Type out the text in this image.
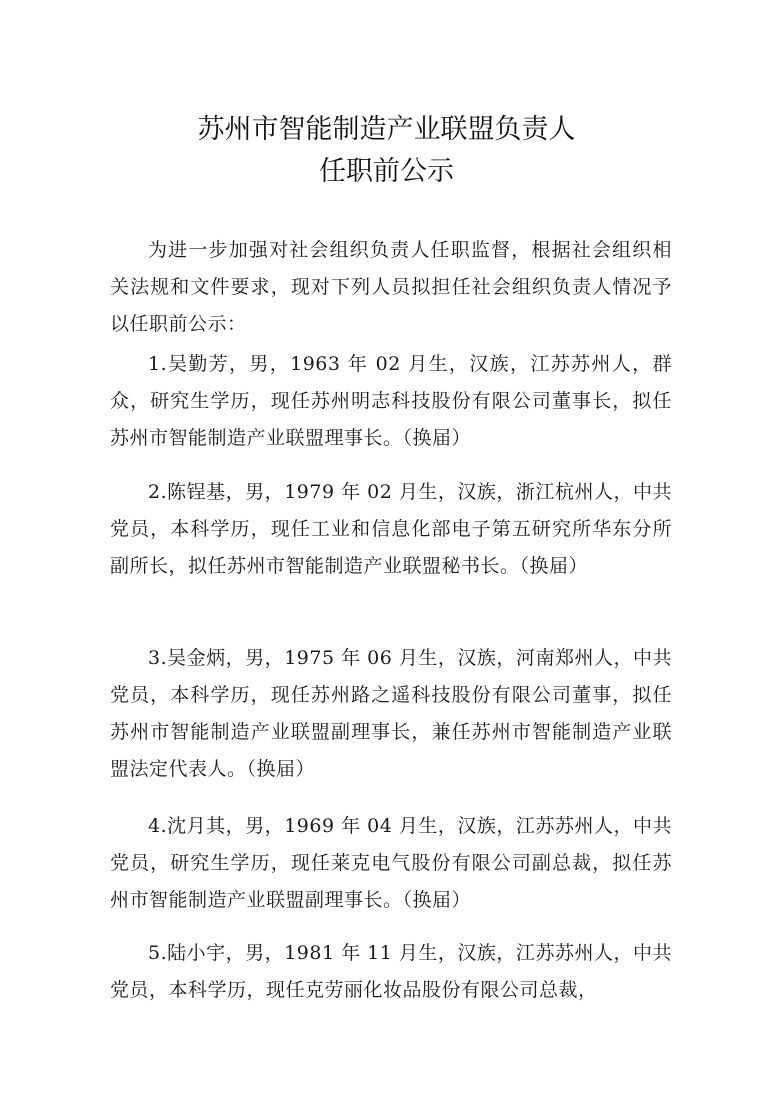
苏州市智能制造产业联盟负责人
任职前公示
为进一步加强对社会组织负责人任职监督，根据社会组织相关法规和文件要求，现对下列人员拟担任社会组织负责人情况予以任职前公示：
1.吴勤芳，男，1963 年 02 月生，汉族，江苏苏州人，群众，研究生学历，现任苏州明志科技股份有限公司董事长，拟任苏州市智能制造产业联盟理事长。（换届）
2.陈锃基，男，1979 年 02 月生，汉族，浙江杭州人，中共党员，本科学历，现任工业和信息化部电子第五研究所华东分所副所长，拟任苏州市智能制造产业联盟秘书长。（换届）
3.吴金炳，男，1975 年 06 月生，汉族，河南郑州人，中共党员，本科学历，现任苏州路之遥科技股份有限公司董事，拟任苏州市智能制造产业联盟副理事长，兼任苏州市智能制造产业联盟法定代表人。（换届）
4.沈月其，男，1969 年 04 月生，汉族，江苏苏州人，中共党员，研究生学历，现任莱克电气股份有限公司副总裁，拟任苏州市智能制造产业联盟副理事长。（换届）
5.陆小宇，男，1981 年 11 月生，汉族，江苏苏州人，中共党员，本科学历，现任克劳丽化妆品股份有限公司总裁，
